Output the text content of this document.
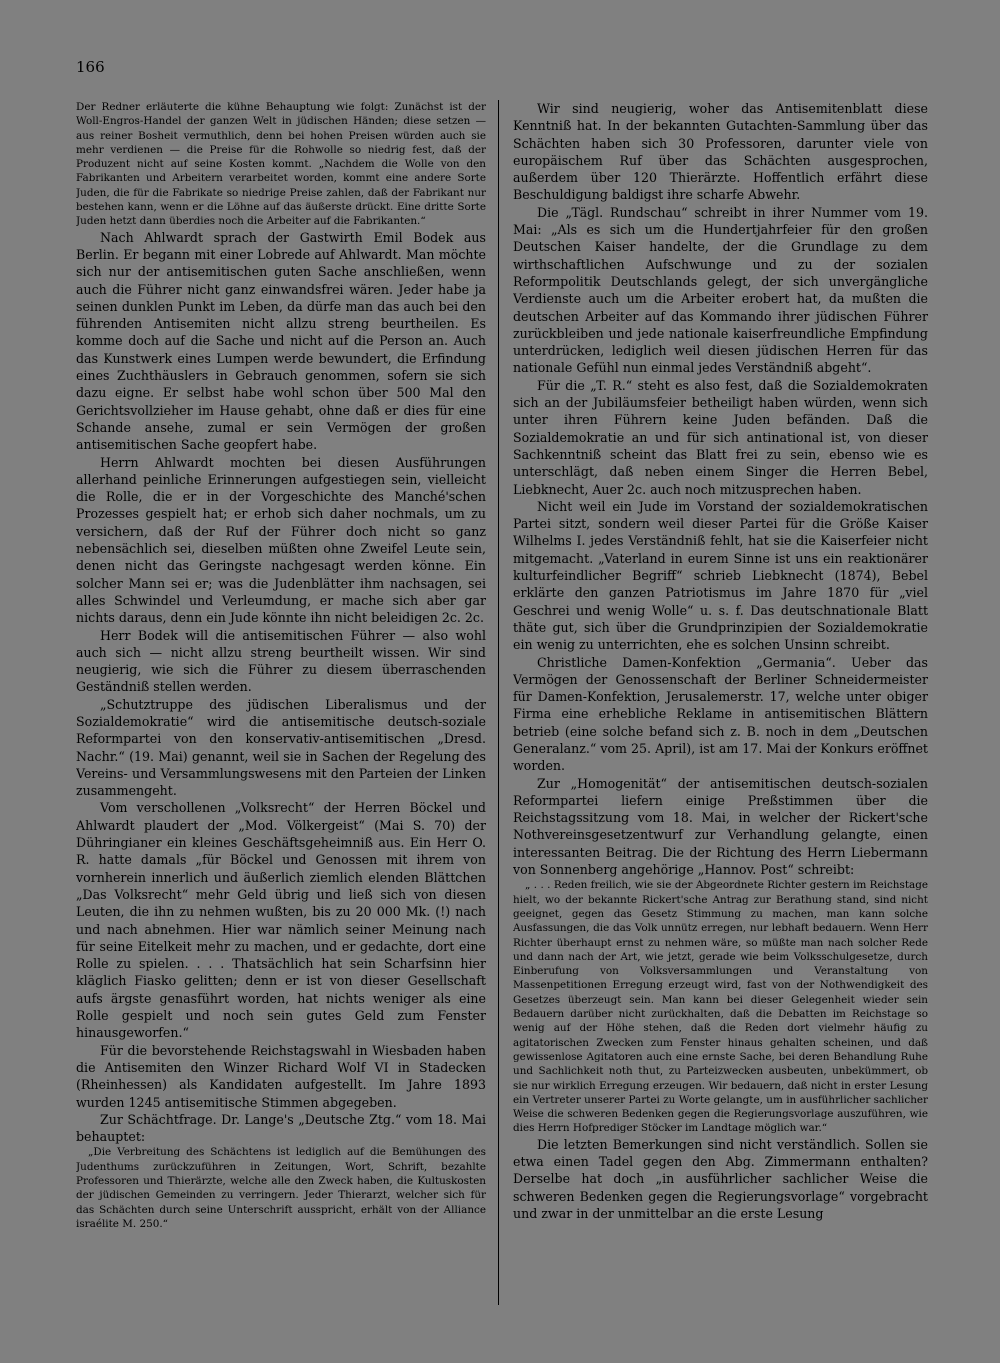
166

Der Redner erläuterte die kühne Behauptung wie folgt: Zunächst ist der Woll-Engros-Handel der ganzen Welt in jüdischen Händen; diese setzen — aus reiner Bosheit vermuthlich, denn bei hohen Preisen würden auch sie mehr verdienen — die Preise für die Rohwolle so niedrig fest, daß der Produzent nicht auf seine Kosten kommt. „Nachdem die Wolle von den Fabrikanten und Arbeitern verarbeitet worden, kommt eine andere Sorte Juden, die für die Fabrikate so niedrige Preise zahlen, daß der Fabrikant nur bestehen kann, wenn er die Löhne auf das äußerste drückt. Eine dritte Sorte Juden hetzt dann überdies noch die Arbeiter auf die Fabrikanten.“

Nach Ahlwardt sprach der Gastwirth Emil Bodek aus Berlin. Er begann mit einer Lobrede auf Ahlwardt. Man möchte sich nur der antisemitischen guten Sache anschließen, wenn auch die Führer nicht ganz einwandsfrei wären. Jeder habe ja seinen dunklen Punkt im Leben, da dürfe man das auch bei den führenden Antisemiten nicht allzu streng beurtheilen. Es komme doch auf die Sache und nicht auf die Person an. Auch das Kunstwerk eines Lumpen werde bewundert, die Erfindung eines Zuchthäuslers in Gebrauch genommen, sofern sie sich dazu eigne. Er selbst habe wohl schon über 500 Mal den Gerichtsvollzieher im Hause gehabt, ohne daß er dies für eine Schande ansehe, zumal er sein Vermögen der großen antisemitischen Sache geopfert habe.

Herrn Ahlwardt mochten bei diesen Ausführungen allerhand peinliche Erinnerungen aufgestiegen sein, vielleicht die Rolle, die er in der Vorgeschichte des Manché'schen Prozesses gespielt hat; er erhob sich daher nochmals, um zu versichern, daß der Ruf der Führer doch nicht so ganz nebensächlich sei, dieselben müßten ohne Zweifel Leute sein, denen nicht das Geringste nachgesagt werden könne. Ein solcher Mann sei er; was die Judenblätter ihm nachsagen, sei alles Schwindel und Verleumdung, er mache sich aber gar nichts daraus, denn ein Jude könnte ihn nicht beleidigen 2c. 2c.

Herr Bodek will die antisemitischen Führer — also wohl auch sich — nicht allzu streng beurtheilt wissen. Wir sind neugierig, wie sich die Führer zu diesem überraschenden Geständniß stellen werden.

„Schutztruppe des jüdischen Liberalismus und der Sozialdemokratie“ wird die antisemitische deutsch-soziale Reformpartei von den konservativ-antisemitischen „Dresd. Nachr.“ (19. Mai) genannt, weil sie in Sachen der Regelung des Vereins- und Versammlungswesens mit den Parteien der Linken zusammengeht.

Vom verschollenen „Volksrecht“ der Herren Böckel und Ahlwardt plaudert der „Mod. Völkergeist“ (Mai S. 70) der Dühringianer ein kleines Geschäftsgeheimniß aus. Ein Herr O. R. hatte damals „für Böckel und Genossen mit ihrem von vornherein innerlich und äußerlich ziemlich elenden Blättchen „Das Volksrecht“ mehr Geld übrig und ließ sich von diesen Leuten, die ihn zu nehmen wußten, bis zu 20 000 Mk. (!) nach und nach abnehmen. Hier war nämlich seiner Meinung nach für seine Eitelkeit mehr zu machen, und er gedachte, dort eine Rolle zu spielen. . . . Thatsächlich hat sein Scharfsinn hier kläglich Fiasko gelitten; denn er ist von dieser Gesellschaft aufs ärgste genasführt worden, hat nichts weniger als eine Rolle gespielt und noch sein gutes Geld zum Fenster hinausgeworfen.“

Für die bevorstehende Reichstagswahl in Wiesbaden haben die Antisemiten den Winzer Richard Wolf VI in Stadecken (Rheinhessen) als Kandidaten aufgestellt. Im Jahre 1893 wurden 1245 antisemitische Stimmen abgegeben.

Zur Schächtfrage. Dr. Lange's „Deutsche Ztg.“ vom 18. Mai behauptet:

„Die Verbreitung des Schächtens ist lediglich auf die Bemühungen des Judenthums zurückzuführen in Zeitungen, Wort, Schrift, bezahlte Professoren und Thierärzte, welche alle den Zweck haben, die Kultuskosten der jüdischen Gemeinden zu verringern. Jeder Thierarzt, welcher sich für das Schächten durch seine Unterschrift ausspricht, erhält von der Alliance israélite M. 250.“

Wir sind neugierig, woher das Antisemitenblatt diese Kenntniß hat. In der bekannten Gutachten-Sammlung über das Schächten haben sich 30 Professoren, darunter viele von europäischem Ruf über das Schächten ausgesprochen, außerdem über 120 Thierärzte. Hoffentlich erfährt diese Beschuldigung baldigst ihre scharfe Abwehr.

Die „Tägl. Rundschau“ schreibt in ihrer Nummer vom 19. Mai: „Als es sich um die Hundertjahrfeier für den großen Deutschen Kaiser handelte, der die Grundlage zu dem wirthschaftlichen Aufschwunge und zu der sozialen Reformpolitik Deutschlands gelegt, der sich unvergängliche Verdienste auch um die Arbeiter erobert hat, da mußten die deutschen Arbeiter auf das Kommando ihrer jüdischen Führer zurückbleiben und jede nationale kaiserfreundliche Empfindung unterdrücken, lediglich weil diesen jüdischen Herren für das nationale Gefühl nun einmal jedes Verständniß abgeht“.

Für die „T. R.“ steht es also fest, daß die Sozialdemokraten sich an der Jubiläumsfeier betheiligt haben würden, wenn sich unter ihren Führern keine Juden befänden. Daß die Sozialdemokratie an und für sich antinational ist, von dieser Sachkenntniß scheint das Blatt frei zu sein, ebenso wie es unterschlägt, daß neben einem Singer die Herren Bebel, Liebknecht, Auer 2c. auch noch mitzusprechen haben.

Nicht weil ein Jude im Vorstand der sozialdemokratischen Partei sitzt, sondern weil dieser Partei für die Größe Kaiser Wilhelms I. jedes Verständniß fehlt, hat sie die Kaiserfeier nicht mitgemacht. „Vaterland in eurem Sinne ist uns ein reaktionärer kulturfeindlicher Begriff“ schrieb Liebknecht (1874), Bebel erklärte den ganzen Patriotismus im Jahre 1870 für „viel Geschrei und wenig Wolle“ u. s. f. Das deutschnationale Blatt thäte gut, sich über die Grundprinzipien der Sozialdemokratie ein wenig zu unterrichten, ehe es solchen Unsinn schreibt.

Christliche Damen-Konfektion „Germania“. Ueber das Vermögen der Genossenschaft der Berliner Schneidermeister für Damen-Konfektion, Jerusalemerstr. 17, welche unter obiger Firma eine erhebliche Reklame in antisemitischen Blättern betrieb (eine solche befand sich z. B. noch in dem „Deutschen Generalanz.“ vom 25. April), ist am 17. Mai der Konkurs eröffnet worden.

Zur „Homogenität“ der antisemitischen deutsch-sozialen Reformpartei liefern einige Preßstimmen über die Reichstagssitzung vom 18. Mai, in welcher der Rickert'sche Nothvereinsgesetzentwurf zur Verhandlung gelangte, einen interessanten Beitrag. Die der Richtung des Herrn Liebermann von Sonnenberg angehörige „Hannov. Post“ schreibt:

„ . . . Reden freilich, wie sie der Abgeordnete Richter gestern im Reichstage hielt, wo der bekannte Rickert'sche Antrag zur Berathung stand, sind nicht geeignet, gegen das Gesetz Stimmung zu machen, man kann solche Ausfassungen, die das Volk unnütz erregen, nur lebhaft bedauern. Wenn Herr Richter überhaupt ernst zu nehmen wäre, so müßte man nach solcher Rede und dann nach der Art, wie jetzt, gerade wie beim Volksschulgesetze, durch Einberufung von Volksversammlungen und Veranstaltung von Massenpetitionen Erregung erzeugt wird, fast von der Nothwendigkeit des Gesetzes überzeugt sein. Man kann bei dieser Gelegenheit wieder sein Bedauern darüber nicht zurückhalten, daß die Debatten im Reichstage so wenig auf der Höhe stehen, daß die Reden dort vielmehr häufig zu agitatorischen Zwecken zum Fenster hinaus gehalten scheinen, und daß gewissenlose Agitatoren auch eine ernste Sache, bei deren Behandlung Ruhe und Sachlichkeit noth thut, zu Parteizwecken ausbeuten, unbekümmert, ob sie nur wirklich Erregung erzeugen. Wir bedauern, daß nicht in erster Lesung ein Vertreter unserer Partei zu Worte gelangte, um in ausführlicher sachlicher Weise die schweren Bedenken gegen die Regierungsvorlage auszuführen, wie dies Herrn Hofprediger Stöcker im Landtage möglich war.“

Die letzten Bemerkungen sind nicht verständlich. Sollen sie etwa einen Tadel gegen den Abg. Zimmermann enthalten? Derselbe hat doch „in ausführlicher sachlicher Weise die schweren Bedenken gegen die Regierungsvorlage“ vorgebracht und zwar in der unmittelbar an die erste Lesung
